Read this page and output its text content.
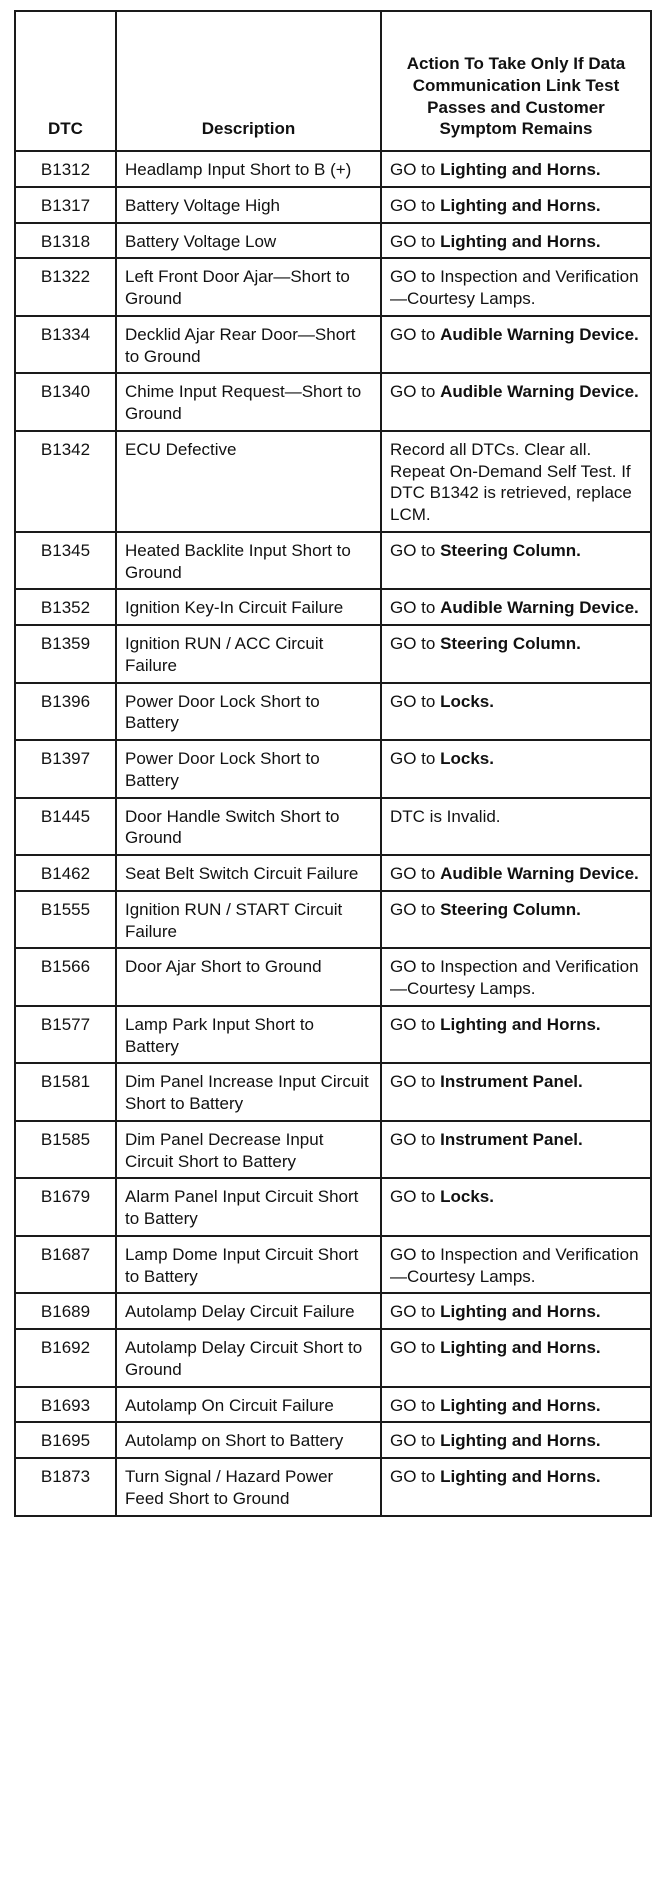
DTC	Description	Action To Take Only If Data Communication Link Test Passes and Customer Symptom Remains
B1312	Headlamp Input Short to B (+)	GO to Lighting and Horns.
B1317	Battery Voltage High	GO to Lighting and Horns.
B1318	Battery Voltage Low	GO to Lighting and Horns.
B1322	Left Front Door Ajar—Short to Ground	GO to Inspection and Verification—Courtesy Lamps.
B1334	Decklid Ajar Rear Door—Short to Ground	GO to Audible Warning Device.
B1340	Chime Input Request—Short to Ground	GO to Audible Warning Device.
B1342	ECU Defective	Record all DTCs. Clear all. Repeat On-Demand Self Test. If DTC B1342 is retrieved, replace LCM.
B1345	Heated Backlite Input Short to Ground	GO to Steering Column.
B1352	Ignition Key-In Circuit Failure	GO to Audible Warning Device.
B1359	Ignition RUN / ACC Circuit Failure	GO to Steering Column.
B1396	Power Door Lock Short to Battery	GO to Locks.
B1397	Power Door Lock Short to Battery	GO to Locks.
B1445	Door Handle Switch Short to Ground	DTC is Invalid.
B1462	Seat Belt Switch Circuit Failure	GO to Audible Warning Device.
B1555	Ignition RUN / START Circuit Failure	GO to Steering Column.
B1566	Door Ajar Short to Ground	GO to Inspection and Verification—Courtesy Lamps.
B1577	Lamp Park Input Short to Battery	GO to Lighting and Horns.
B1581	Dim Panel Increase Input Circuit Short to Battery	GO to Instrument Panel.
B1585	Dim Panel Decrease Input Circuit Short to Battery	GO to Instrument Panel.
B1679	Alarm Panel Input Circuit Short to Battery	GO to Locks.
B1687	Lamp Dome Input Circuit Short to Battery	GO to Inspection and Verification—Courtesy Lamps.
B1689	Autolamp Delay Circuit Failure	GO to Lighting and Horns.
B1692	Autolamp Delay Circuit Short to Ground	GO to Lighting and Horns.
B1693	Autolamp On Circuit Failure	GO to Lighting and Horns.
B1695	Autolamp on Short to Battery	GO to Lighting and Horns.
B1873	Turn Signal / Hazard Power Feed Short to Ground	GO to Lighting and Horns.
